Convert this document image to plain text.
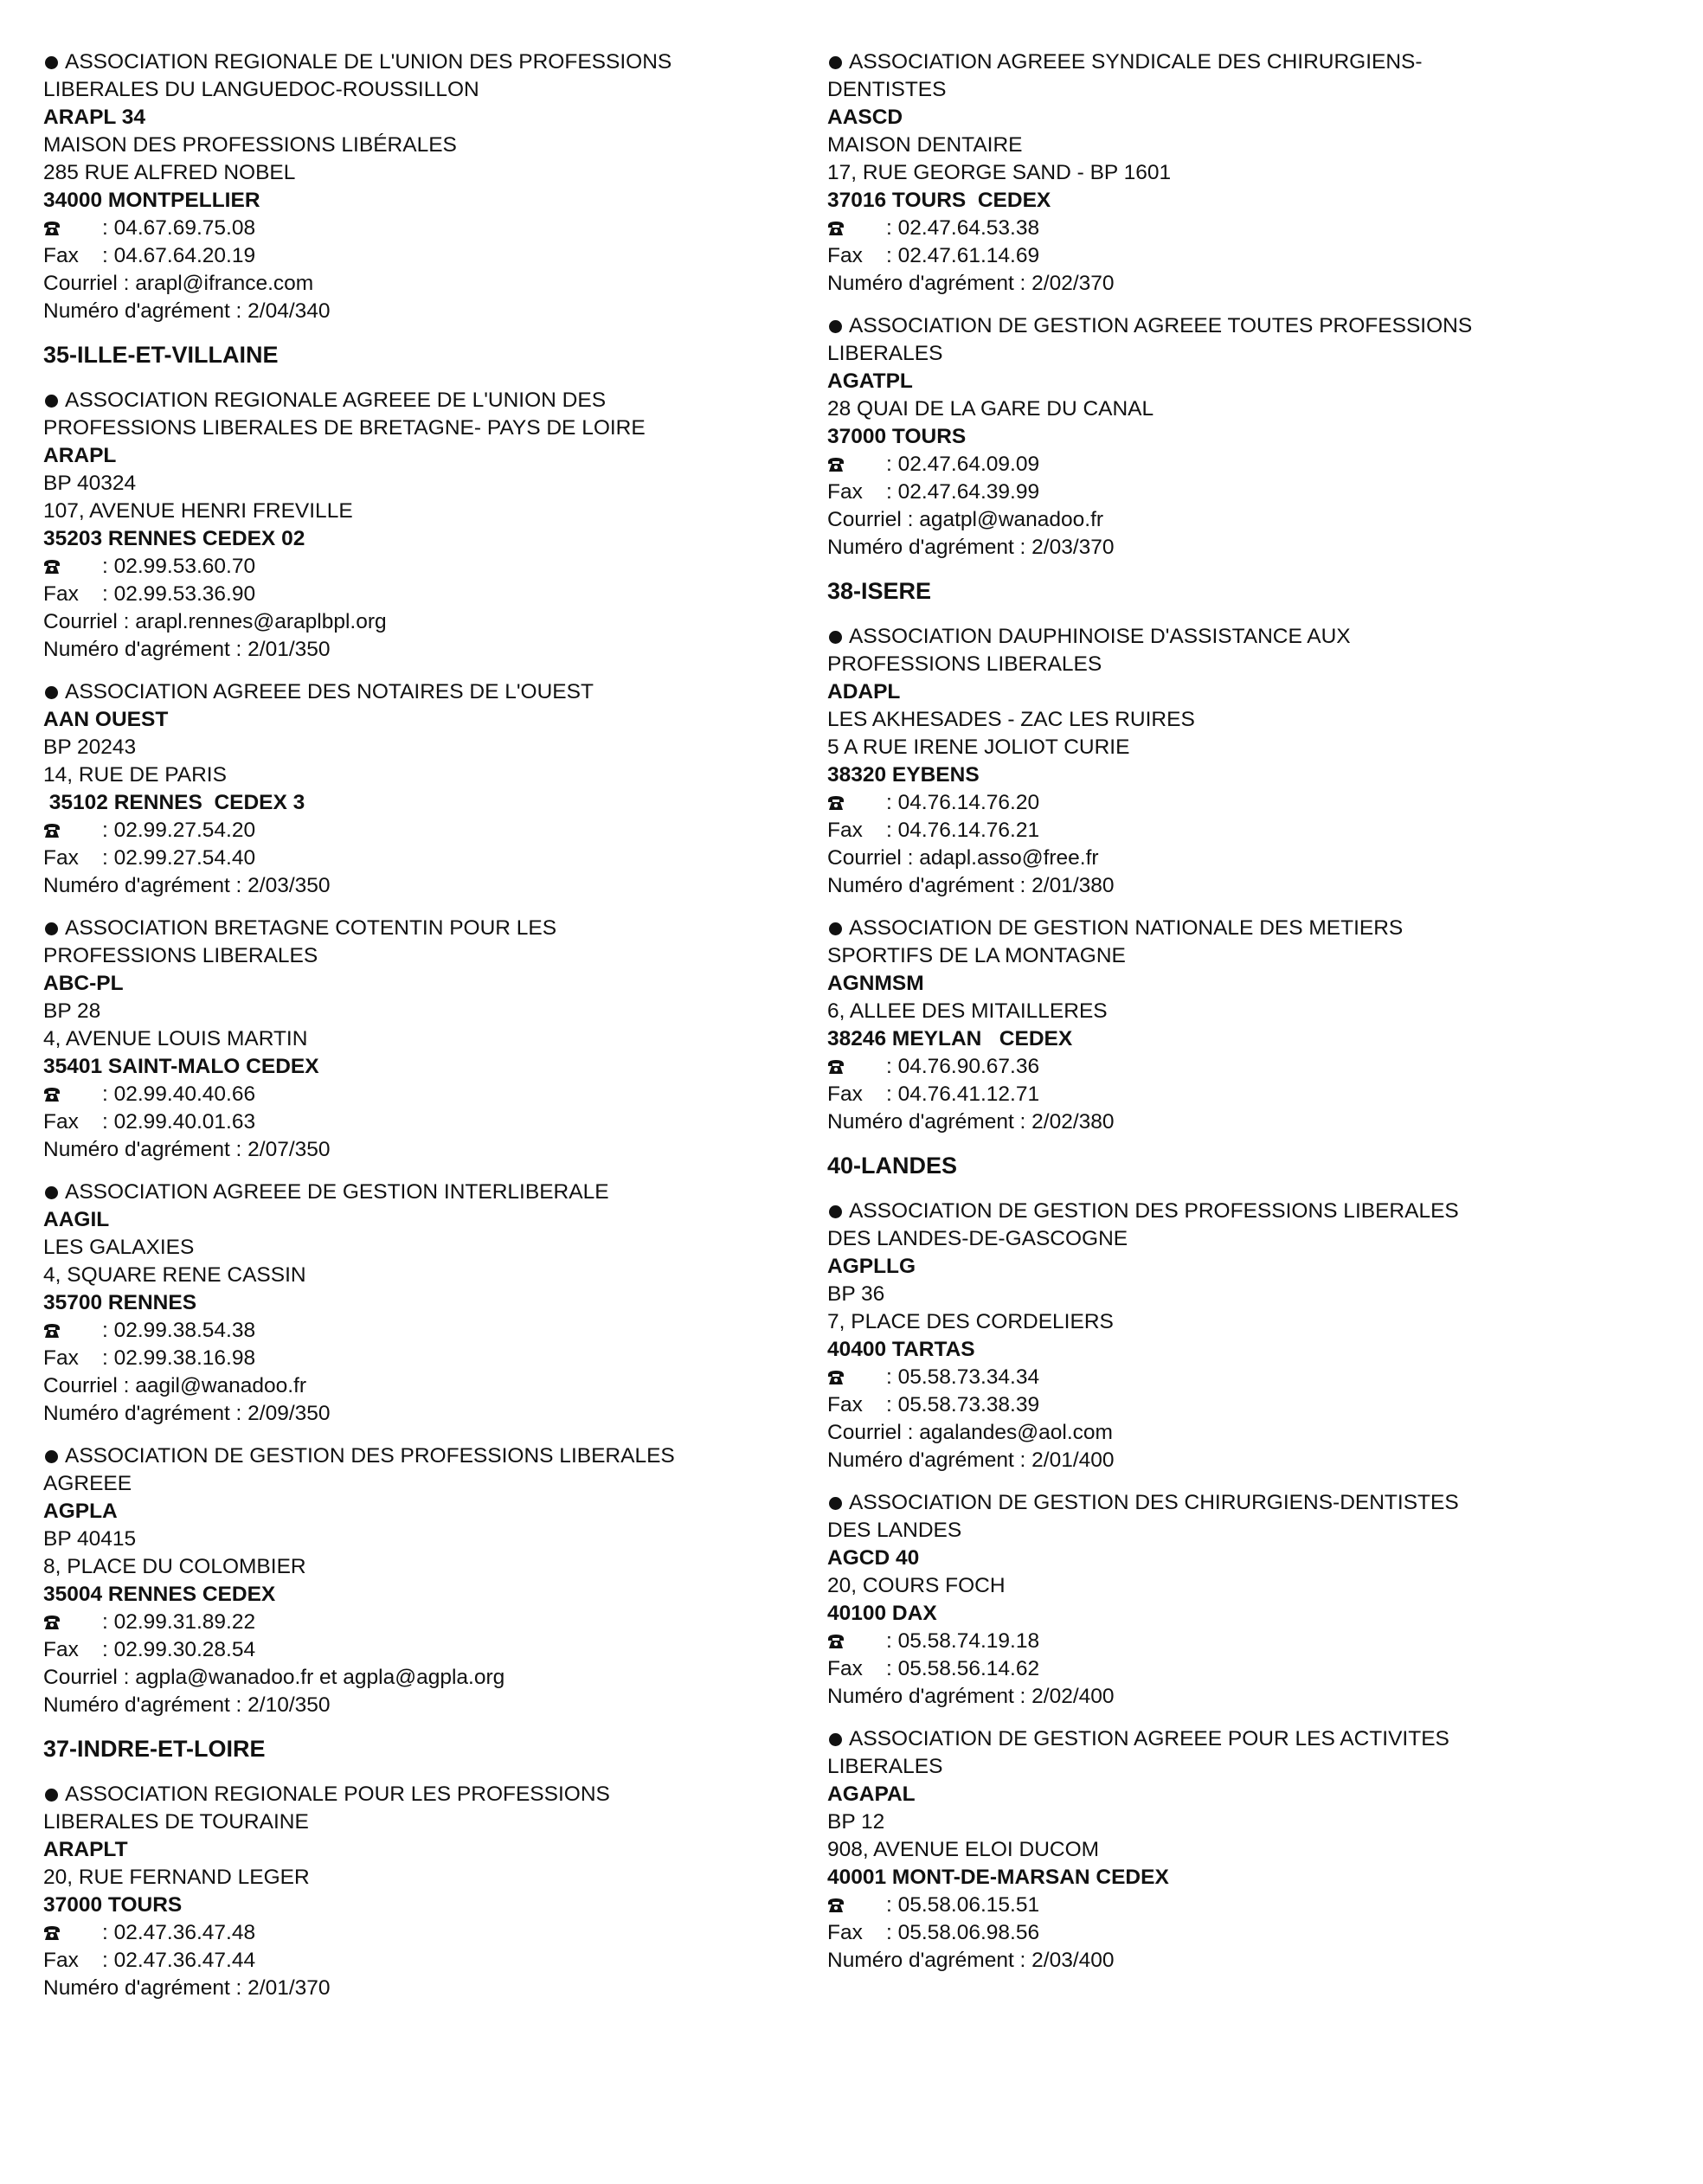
ASSOCIATION REGIONALE DE L'UNION DES PROFESSIONS
LIBERALES DU LANGUEDOC-ROUSSILLON
ARAPL 34
MAISON DES PROFESSIONS LIBÉRALES
285 RUE ALFRED NOBEL
34000 MONTPELLIER
: 04.67.69.75.08
Fax : 04.67.64.20.19
Courriel : arapl@ifrance.com
Numéro d'agrément : 2/04/340
35-ILLE-ET-VILLAINE
ASSOCIATION REGIONALE AGREEE DE L'UNION DES
PROFESSIONS LIBERALES DE BRETAGNE- PAYS DE LOIRE
ARAPL
BP 40324
107, AVENUE HENRI FREVILLE
35203 RENNES CEDEX 02
: 02.99.53.60.70
Fax : 02.99.53.36.90
Courriel : arapl.rennes@araplbpl.org
Numéro d'agrément : 2/01/350
ASSOCIATION AGREEE DES NOTAIRES DE L'OUEST
AAN OUEST
BP 20243
14, RUE DE PARIS
35102 RENNES  CEDEX 3
: 02.99.27.54.20
Fax : 02.99.27.54.40
Numéro d'agrément : 2/03/350
ASSOCIATION BRETAGNE COTENTIN POUR LES
PROFESSIONS LIBERALES
ABC-PL
BP 28
4, AVENUE LOUIS MARTIN
35401 SAINT-MALO CEDEX
: 02.99.40.40.66
Fax : 02.99.40.01.63
Numéro d'agrément : 2/07/350
ASSOCIATION AGREEE DE GESTION INTERLIBERALE
AAGIL
LES GALAXIES
4, SQUARE RENE CASSIN
35700 RENNES
: 02.99.38.54.38
Fax : 02.99.38.16.98
Courriel : aagil@wanadoo.fr
Numéro d'agrément : 2/09/350
ASSOCIATION DE GESTION DES PROFESSIONS LIBERALES
AGREEE
AGPLA
BP 40415
8, PLACE DU COLOMBIER
35004 RENNES CEDEX
: 02.99.31.89.22
Fax : 02.99.30.28.54
Courriel : agpla@wanadoo.fr et agpla@agpla.org
Numéro d'agrément : 2/10/350
37-INDRE-ET-LOIRE
ASSOCIATION REGIONALE POUR LES PROFESSIONS
LIBERALES DE TOURAINE
ARAPLT
20, RUE FERNAND LEGER
37000 TOURS
: 02.47.36.47.48
Fax : 02.47.36.47.44
Numéro d'agrément : 2/01/370
ASSOCIATION AGREEE SYNDICALE DES CHIRURGIENS-
DENTISTES
AASCD
MAISON DENTAIRE
17, RUE GEORGE SAND - BP 1601
37016 TOURS  CEDEX
: 02.47.64.53.38
Fax : 02.47.61.14.69
Numéro d'agrément : 2/02/370
ASSOCIATION DE GESTION AGREEE TOUTES PROFESSIONS
LIBERALES
AGATPL
28 QUAI DE LA GARE DU CANAL
37000 TOURS
: 02.47.64.09.09
Fax : 02.47.64.39.99
Courriel : agatpl@wanadoo.fr
Numéro d'agrément : 2/03/370
38-ISERE
ASSOCIATION DAUPHINOISE D'ASSISTANCE AUX
PROFESSIONS LIBERALES
ADAPL
LES AKHESADES - ZAC LES RUIRES
5 A RUE IRENE JOLIOT CURIE
38320 EYBENS
: 04.76.14.76.20
Fax : 04.76.14.76.21
Courriel : adapl.asso@free.fr
Numéro d'agrément : 2/01/380
ASSOCIATION DE GESTION NATIONALE DES METIERS
SPORTIFS DE LA MONTAGNE
AGNMSM
6, ALLEE DES MITAILLERES
38246 MEYLAN   CEDEX
: 04.76.90.67.36
Fax : 04.76.41.12.71
Numéro d'agrément : 2/02/380
40-LANDES
ASSOCIATION DE GESTION DES PROFESSIONS LIBERALES
DES LANDES-DE-GASCOGNE
AGPLLG
BP 36
7, PLACE DES CORDELIERS
40400 TARTAS
: 05.58.73.34.34
Fax : 05.58.73.38.39
Courriel : agalandes@aol.com
Numéro d'agrément : 2/01/400
ASSOCIATION DE GESTION DES CHIRURGIENS-DENTISTES
DES LANDES
AGCD 40
20, COURS FOCH
40100 DAX
: 05.58.74.19.18
Fax : 05.58.56.14.62
Numéro d'agrément : 2/02/400
ASSOCIATION DE GESTION AGREEE POUR LES ACTIVITES
LIBERALES
AGAPAL
BP 12
908, AVENUE ELOI DUCOM
40001 MONT-DE-MARSAN CEDEX
: 05.58.06.15.51
Fax : 05.58.06.98.56
Numéro d'agrément : 2/03/400
